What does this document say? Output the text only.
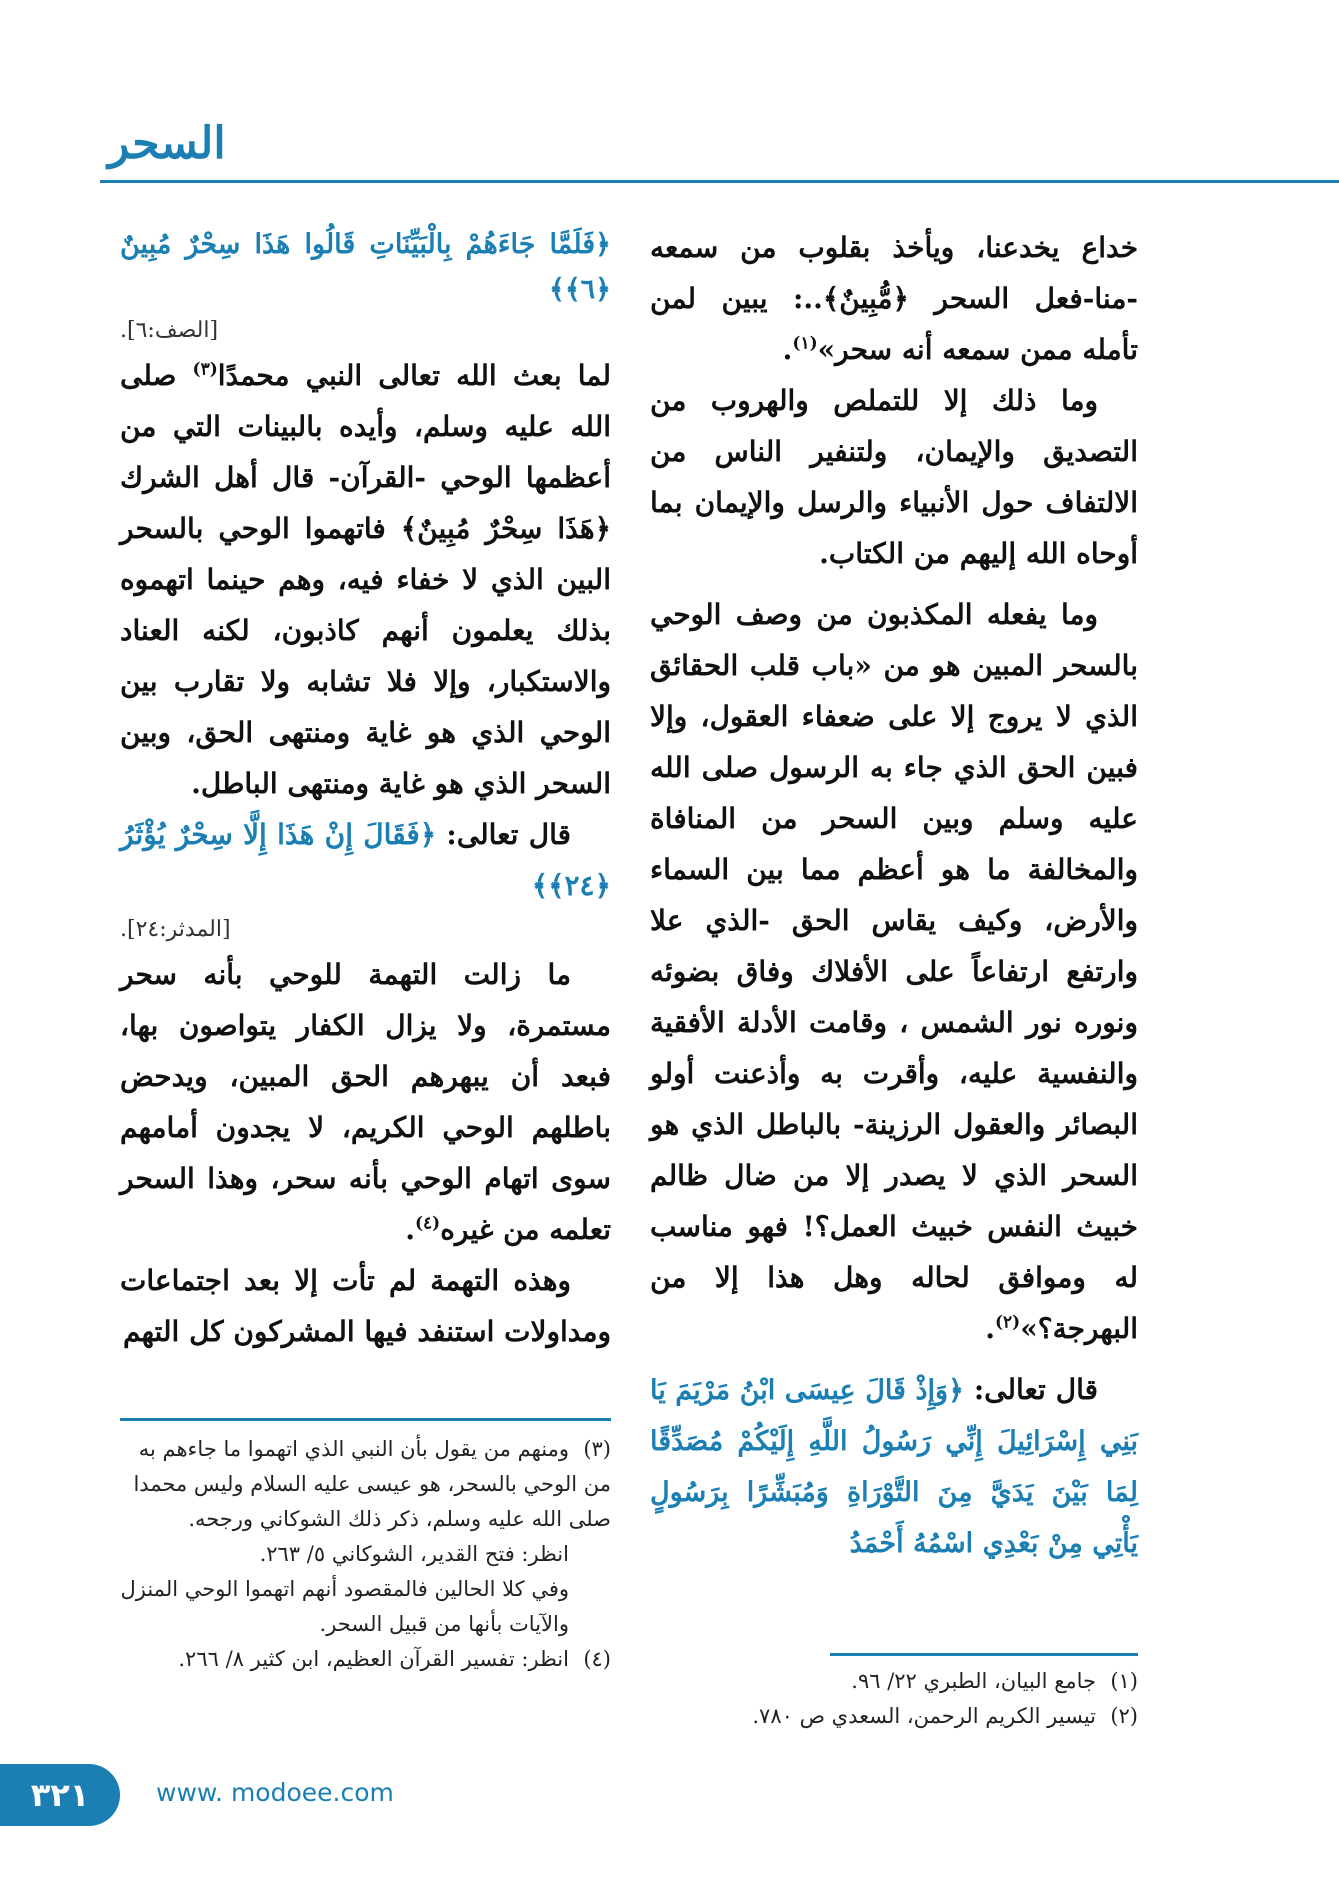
السحر

خداع يخدعنا، ويأخذ بقلوب من سمعه -منا-فعل السحر ﴿مُّبِينٌ﴾..: يبين لمن تأمله ممن سمعه أنه سحر»$^{(١)}$.

وما ذلك إلا للتملص والهروب من التصديق والإيمان، ولتنفير الناس من الالتفاف حول الأنبياء والرسل والإيمان بما أوحاه الله إليهم من الكتاب.

وما يفعله المكذبون من وصف الوحي بالسحر المبين هو من «باب قلب الحقائق الذي لا يروج إلا على ضعفاء العقول، وإلا فبين الحق الذي جاء به الرسول صلى الله عليه وسلم وبين السحر من المنافاة والمخالفة ما هو أعظم مما بين السماء والأرض، وكيف يقاس الحق -الذي علا وارتفع ارتفاعاً على الأفلاك وفاق بضوئه ونوره نور الشمس ، وقامت الأدلة الأفقية والنفسية عليه، وأقرت به وأذعنت أولو البصائر والعقول الرزينة- بالباطل الذي هو السحر الذي لا يصدر إلا من ضال ظالم خبيث النفس خبيث العمل؟! فهو مناسب له وموافق لحاله وهل هذا إلا من البهرجة؟»$^{(٢)}$.

قال تعالى: ﴿وَإِذْ قَالَ عِيسَى ابْنُ مَرْيَمَ يَا بَنِي إِسْرَائِيلَ إِنِّي رَسُولُ اللَّهِ إِلَيْكُمْ مُصَدِّقًا لِمَا بَيْنَ يَدَيَّ مِنَ التَّوْرَاةِ وَمُبَشِّرًا بِرَسُولٍ يَأْتِي مِنْ بَعْدِي اسْمُهُ أَحْمَدُ

﴿فَلَمَّا جَاءَهُمْ بِالْبَيِّنَاتِ قَالُوا هَذَا سِحْرٌ مُبِينٌ ﴿٦﴾﴾

[الصف:٦].

لما بعث الله تعالى النبي محمدًا$^{(٣)}$ صلى الله عليه وسلم، وأيده بالبينات التي من أعظمها الوحي -القرآن- قال أهل الشرك ﴿هَذَا سِحْرٌ مُبِينٌ﴾ فاتهموا الوحي بالسحر البين الذي لا خفاء فيه، وهم حينما اتهموه بذلك يعلمون أنهم كاذبون، لكنه العناد والاستكبار، وإلا فلا تشابه ولا تقارب بين الوحي الذي هو غاية ومنتهى الحق، وبين السحر الذي هو غاية ومنتهى الباطل.

قال تعالى: ﴿فَقَالَ إِنْ هَذَا إِلَّا سِحْرٌ يُؤْثَرُ ﴿٢٤﴾﴾

[المدثر:٢٤].

ما زالت التهمة للوحي بأنه سحر مستمرة، ولا يزال الكفار يتواصون بها، فبعد أن يبهرهم الحق المبين، ويدحض باطلهم الوحي الكريم، لا يجدون أمامهم سوى اتهام الوحي بأنه سحر، وهذا السحر تعلمه من غيره$^{(٤)}$.

وهذه التهمة لم تأت إلا بعد اجتماعات ومداولات استنفد فيها المشركون كل التهم

(٣)ومنهم من يقول بأن النبي الذي اتهموا ما جاءهم به من الوحي بالسحر، هو عيسى عليه السلام وليس محمدا صلى الله عليه وسلم، ذكر ذلك الشوكاني ورجحه.

انظر: فتح القدير، الشوكاني ٥/ ٢٦٣.

وفي كلا الحالين فالمقصود أنهم اتهموا الوحي المنزل والآيات بأنها من قبيل السحر.

(٤)انظر: تفسير القرآن العظيم، ابن كثير ٨/ ٢٦٦.

(١)جامع البيان، الطبري ٢٢/ ٩٦.

(٢)تيسير الكريم الرحمن، السعدي ص ٧٨٠.

٣٢١	www. modoee.com
